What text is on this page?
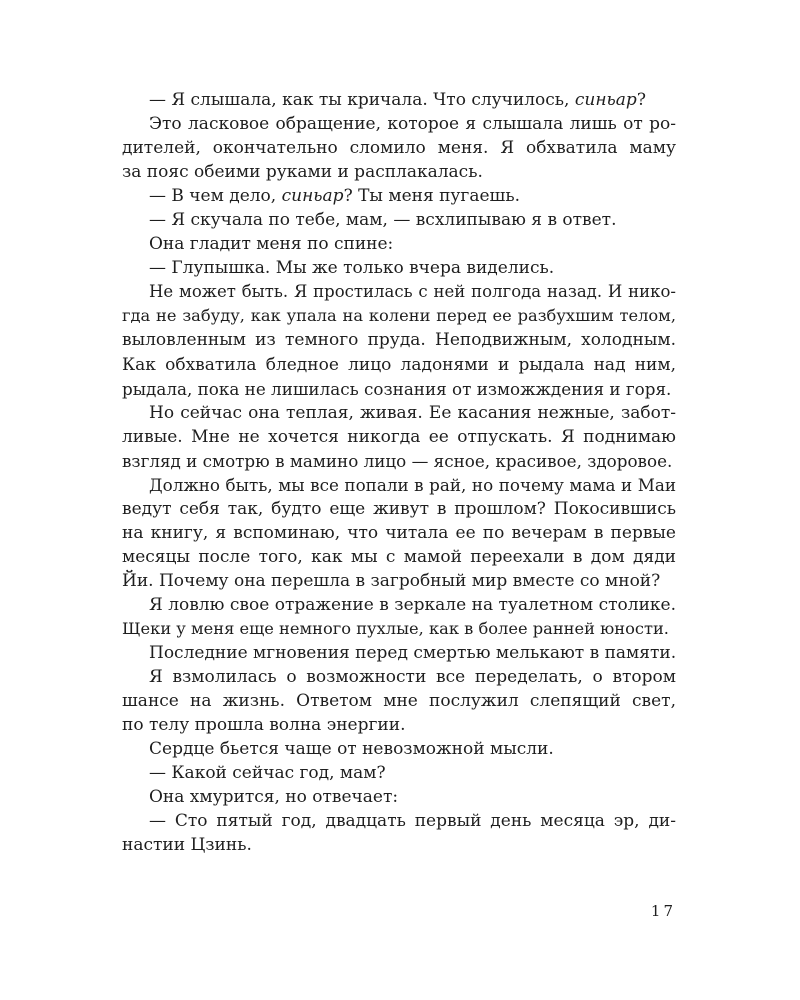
— Я слышала, как ты кричала. Что случилось, синьар?
Это ласковое обращение, которое я слышала лишь от ро-
дителей, окончательно сломило меня. Я обхватила маму
за пояс обеими руками и расплакалась.
— В чем дело, синьар? Ты меня пугаешь.
— Я скучала по тебе, мам, — всхлипываю я в ответ.
Она гладит меня по спине:
— Глупышка. Мы же только вчера виделись.
Не может быть. Я простилась с ней полгода назад. И нико-
гда не забуду, как упала на колени перед ее разбухшим телом,
выловленным из темного пруда. Неподвижным, холодным.
Как обхватила бледное лицо ладонями и рыдала над ним,
рыдала, пока не лишилась сознания от изможждения и горя.
Но сейчас она теплая, живая. Ее касания нежные, забот-
ливые. Мне не хочется никогда ее отпускать. Я поднимаю
взгляд и смотрю в мамино лицо — ясное, красивое, здоровое.
Должно быть, мы все попали в рай, но почему мама и Маи
ведут себя так, будто еще живут в прошлом? Покосившись
на книгу, я вспоминаю, что читала ее по вечерам в первые
месяцы после того, как мы с мамой переехали в дом дяди
Йи. Почему она перешла в загробный мир вместе со мной?
Я ловлю свое отражение в зеркале на туалетном столике.
Щеки у меня еще немного пухлые, как в более ранней юности.
Последние мгновения перед смертью мелькают в памяти.
Я взмолилась о возможности все переделать, о втором
шансе на жизнь. Ответом мне послужил слепящий свет,
по телу прошла волна энергии.
Сердце бьется чаще от невозможной мысли.
— Какой сейчас год, мам?
Она хмурится, но отвечает:
— Сто пятый год, двадцать первый день месяца эр, ди-
настии Цзинь.
17
